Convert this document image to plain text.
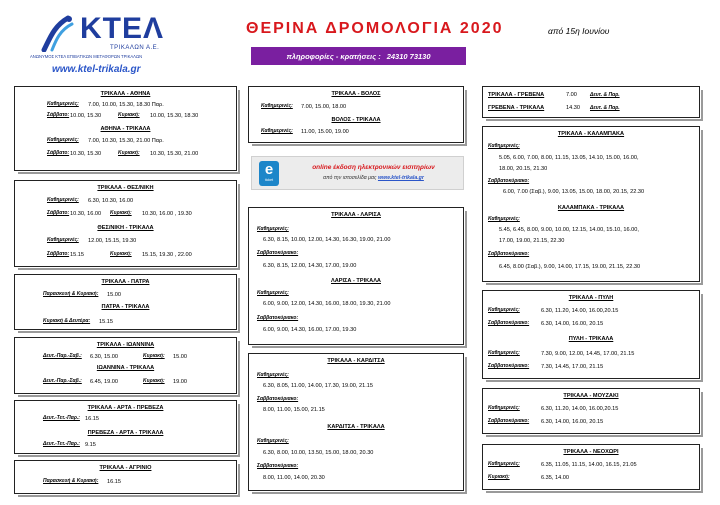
ΚΤΕΛ
ΤΡΙΚΑΛΩΝ Α.Ε.
ΑΝΩΝΥΜΟΣ ΚΤΕΛ ΕΠΙΒΑΤΙΚΩΝ ΜΕΤΑΦΟΡΩΝ ΤΡΙΚΑΛΩΝ
www.ktel-trikala.gr
ΘΕΡΙΝΑ ΔΡΟΜΟΛΟΓΙΑ 2020	από 15η Ιουνίου
πληροφορίες - κρατήσεις : 24310 73130
ΤΡΙΚΑΛΑ - ΑΘΗΝΑ
Καθημερινές: 7.00, 10.00, 15.30, 18.30 Παρ.
Σάββατο: 10.00, 15.30	Κυριακή: 10.00, 15.30, 18.30
ΑΘΗΝΑ - ΤΡΙΚΑΛΑ
Καθημερινές: 7.00, 10.30, 15.30, 21.00 Παρ.
Σάββατο: 10.30, 15.30	Κυριακή: 10.30, 15.30, 21.00
ΤΡΙΚΑΛΑ - ΘΕΣ/ΝΙΚΗ
Καθημερινές: 6.30, 10.30, 16.00
Σάββατο: 10.30, 16.00 Κυριακή: 10.30, 16.00 , 19.30
ΘΕΣ/ΝΙΚΗ - ΤΡΙΚΑΛΑ
Καθημερινές: 12.00, 15.15, 19.30
Σάββατο: 15.15	Κυριακή: 15.15, 19.30 , 22.00
ΤΡΙΚΑΛΑ - ΠΑΤΡΑ
Παρασκευή & Κυριακή: 15.00
ΠΑΤΡΑ - ΤΡΙΚΑΛΑ
Κυριακή & Δευτέρα: 15.15
ΤΡΙΚΑΛΑ - ΙΩΑΝΝΙΝΑ
Δευτ.-Παρ.-Σαβ.: 6.30, 15.00	Κυριακή: 15.00
ΙΩΑΝΝΙΝΑ - ΤΡΙΚΑΛΑ
Δευτ.-Παρ.-Σαβ.: 6.45, 19.00	Κυριακή: 19.00
ΤΡΙΚΑΛΑ - ΑΡΤΑ - ΠΡΕΒΕΖΑ
Δευτ.-Τετ.-Παρ.: 16.15
ΠΡΕΒΕΖΑ - ΑΡΤΑ - ΤΡΙΚΑΛΑ
Δευτ.-Τετ.-Παρ.: 9.15
ΤΡΙΚΑΛΑ - ΑΓΡΙΝΙΟ
Παρασκευή & Κυριακή: 16.15
ΤΡΙΚΑΛΑ - ΒΟΛΟΣ
Καθημερινές: 7.00, 15.00, 18.00
ΒΟΛΟΣ - ΤΡΙΚΑΛΑ
Καθημερινές: 11.00, 15.00, 19.00
e
ticket
online έκδοση ηλεκτρονικών εισιτηρίων
από την ιστοσελίδα μας www.ktel-trikala.gr
ΤΡΙΚΑΛΑ - ΛΑΡΙΣΑ
Καθημερινές:
6.30, 8.15, 10.00, 12.00, 14.30, 16.30, 19.00, 21.00
Σαββατοκύριακο:
6.30, 8.15, 12.00, 14.30, 17.00, 19.00
ΛΑΡΙΣΑ - ΤΡΙΚΑΛΑ
Καθημερινές:
6.00, 9.00, 12.00, 14.30, 16.00, 18.00, 19.30, 21.00
Σαββατοκύριακο:
6.00, 9.00, 14.30, 16.00, 17.00, 19.30
ΤΡΙΚΑΛΑ - ΚΑΡΔΙΤΣΑ
Καθημερινές:
6.30, 8.05, 11.00, 14.00, 17.30, 19.00, 21.15
Σαββατοκύριακο:
8.00, 11.00, 15.00, 21.15
ΚΑΡΔΙΤΣΑ - ΤΡΙΚΑΛΑ
Καθημερινές:
6.30, 8.00, 10.00, 13.50, 15.00, 18.00, 20.30
Σαββατοκύριακο:
8.00, 11.00, 14.00, 20.30
ΤΡΙΚΑΛΑ - ΓΡΕΒΕΝΑ	7.00	Δευτ. & Παρ.
ΓΡΕΒΕΝΑ - ΤΡΙΚΑΛΑ	14.30 Δευτ. & Παρ.
ΤΡΙΚΑΛΑ - ΚΑΛΑΜΠΑΚΑ
Καθημερινές:
5.05, 6.00, 7.00, 8.00, 11.15, 13.05, 14.10, 15.00, 16.00,
18.00, 20.15, 21.30
Σαββατοκύριακο:
6.00, 7.00 (Σαβ.), 9.00, 13.05, 15.00, 18.00, 20.15, 22.30
ΚΑΛΑΜΠΑΚΑ - ΤΡΙΚΑΛΑ
Καθημερινές:
5.45, 6.45, 8.00, 9.00, 10.00, 12.15, 14.00, 15.10, 16.00,
17.00, 19.00, 21.15, 22.30
Σαββατοκύριακο:
6.45, 8.00 (Σαβ.), 9.00, 14.00, 17.15, 19.00, 21.15, 22.30
ΤΡΙΚΑΛΑ - ΠΥΛΗ
Καθημερινές:	6.30, 11.20, 14.00, 16.00,20.15
Σαββατοκύριακο: 6.30, 14.00, 16.00, 20.15
ΠΥΛΗ - ΤΡΙΚΑΛΑ
Καθημερινές:	7.30, 9.00, 12.00, 14.45, 17.00, 21.15
Σαββατοκύριακο: 7.30, 14.45, 17.00, 21.15
ΤΡΙΚΑΛΑ - ΜΟΥΖΑΚΙ
Καθημερινές:	6.30, 11.20, 14.00, 16.00,20.15
Σαββατοκύριακο: 6.30, 14.00, 16.00, 20.15
ΤΡΙΚΑΛΑ - ΝΕΟΧΩΡΙ
Καθημερινές:	6.35, 11.05, 11.15, 14.00, 16.15, 21.05
Κυριακή:	6.35, 14.00
